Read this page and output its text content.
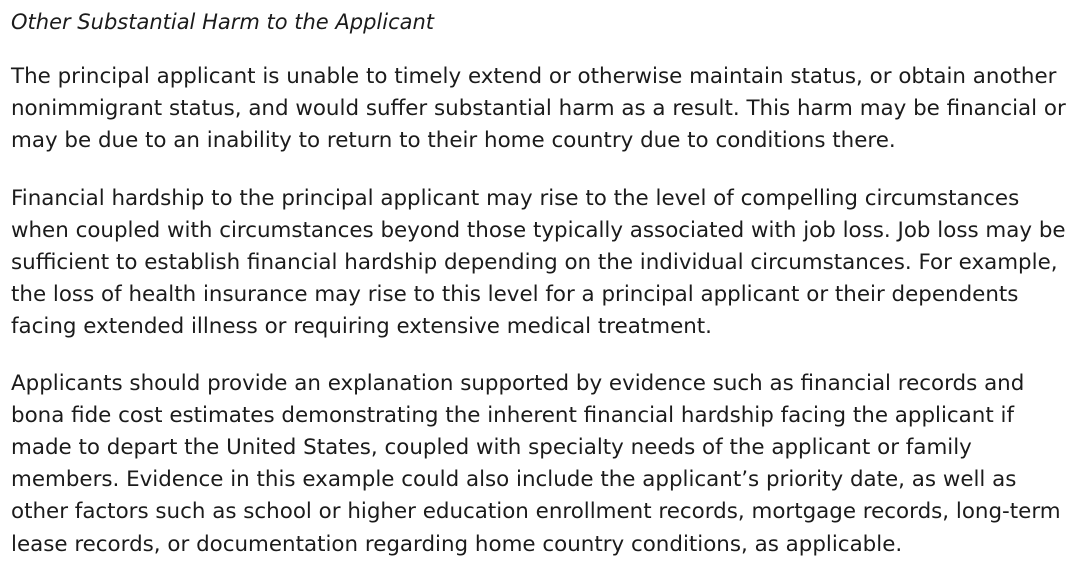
Other Substantial Harm to the Applicant

The principal applicant is unable to timely extend or otherwise maintain status, or obtain another nonimmigrant status, and would suffer substantial harm as a result. This harm may be financial or may be due to an inability to return to their home country due to conditions there.

Financial hardship to the principal applicant may rise to the level of compelling circumstances when coupled with circumstances beyond those typically associated with job loss. Job loss may be sufficient to establish financial hardship depending on the individual circumstances. For example, the loss of health insurance may rise to this level for a principal applicant or their dependents facing extended illness or requiring extensive medical treatment.

Applicants should provide an explanation supported by evidence such as financial records and bona fide cost estimates demonstrating the inherent financial hardship facing the applicant if made to depart the United States, coupled with specialty needs of the applicant or family members. Evidence in this example could also include the applicant’s priority date, as well as other factors such as school or higher education enrollment records, mortgage records, long-term lease records, or documentation regarding home country conditions, as applicable.
